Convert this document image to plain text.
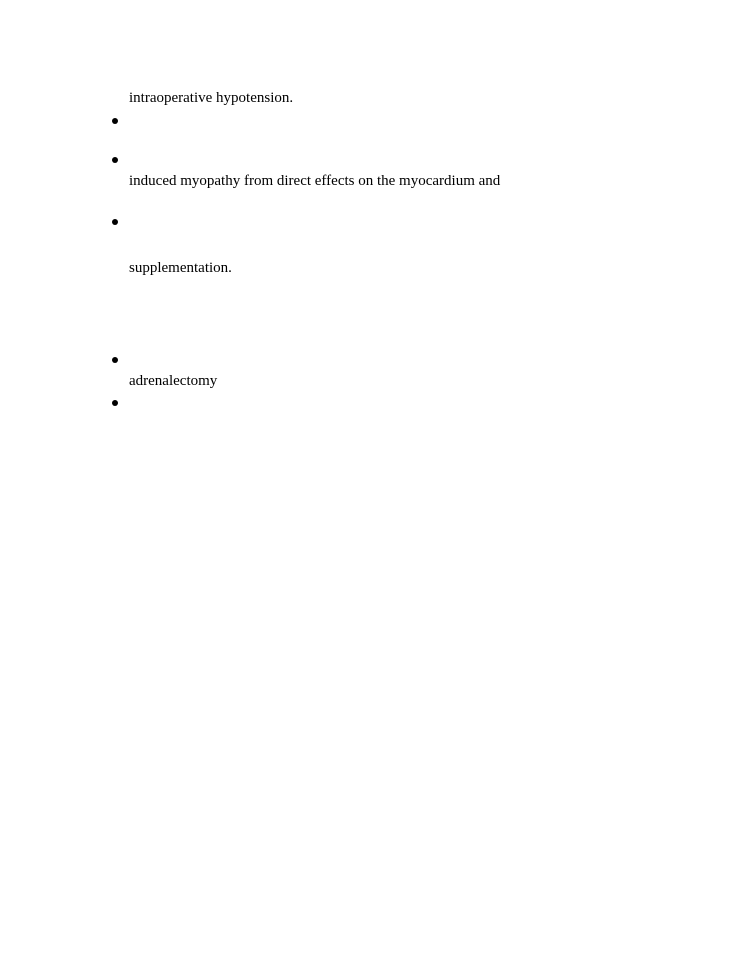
intraoperative hypotension.
induced myopathy from direct effects on the myocardium and
supplementation.
adrenalectomy
